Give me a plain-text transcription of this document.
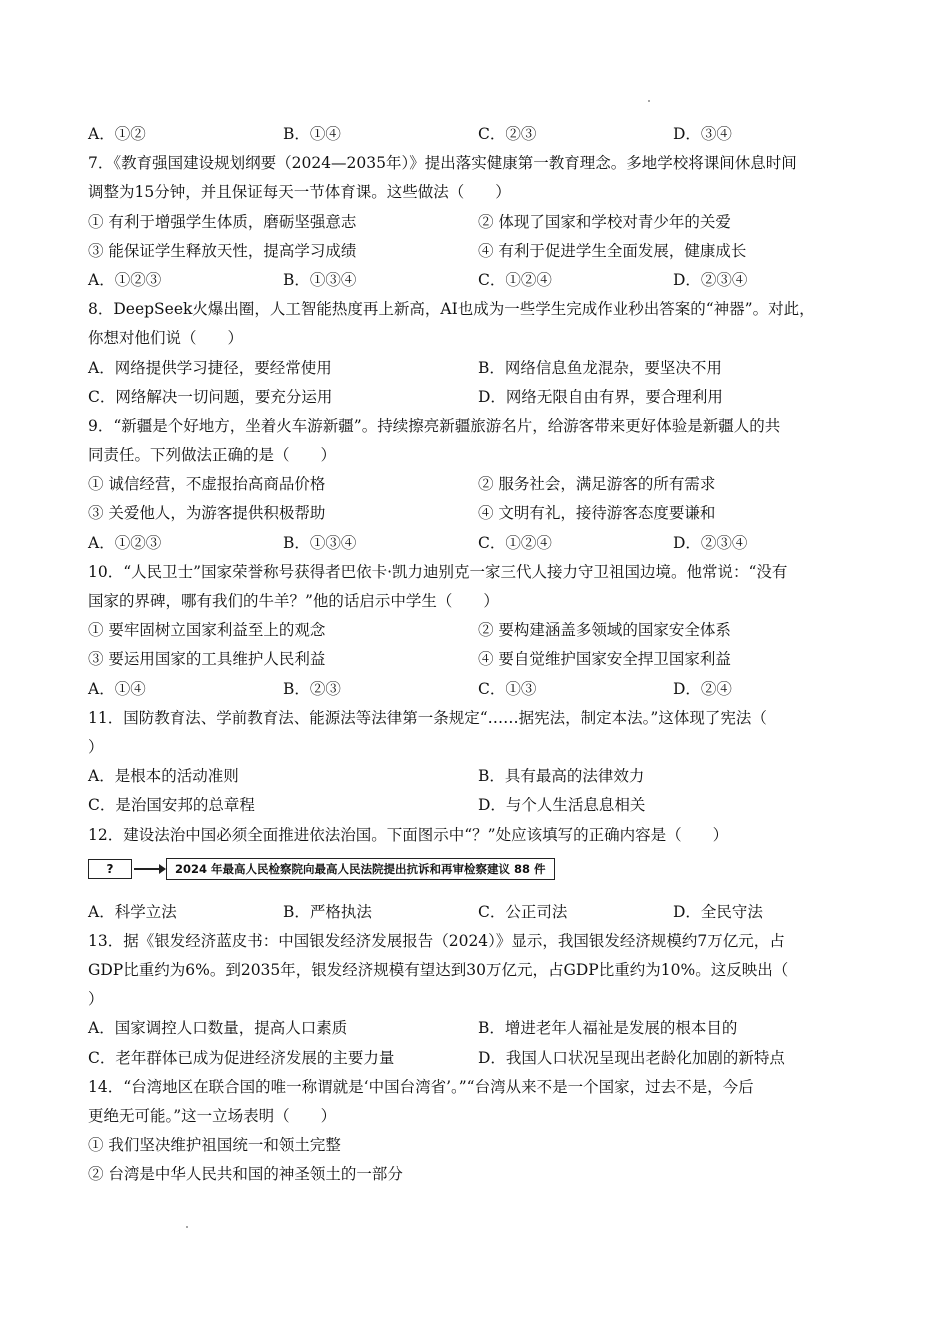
A．①②	B．①④	C．②③	D．③④
7．《教育强国建设规划纲要（2024—2035年）》提出落实健康第一教育理念。多地学校将课间休息时间
调整为15分钟，并且保证每天一节体育课。这些做法（　　）
① 有利于增强学生体质，磨砺坚强意志	② 体现了国家和学校对青少年的关爱
③ 能保证学生释放天性，提高学习成绩	④ 有利于促进学生全面发展，健康成长
A．①②③	B．①③④	C．①②④	D．②③④
8．DeepSeek火爆出圈，人工智能热度再上新高，AI也成为一些学生完成作业秒出答案的“神器”。对此，
你想对他们说（　　）
A．网络提供学习捷径，要经常使用	B．网络信息鱼龙混杂，要坚决不用
C．网络解决一切问题，要充分运用	D．网络无限自由有界，要合理利用
9．“新疆是个好地方，坐着火车游新疆”。持续擦亮新疆旅游名片，给游客带来更好体验是新疆人的共
同责任。下列做法正确的是（　　）
① 诚信经营，不虚报抬高商品价格	② 服务社会，满足游客的所有需求
③ 关爱他人，为游客提供积极帮助	④ 文明有礼，接待游客态度要谦和
A．①②③	B．①③④	C．①②④	D．②③④
10．“人民卫士”国家荣誉称号获得者巴依卡·凯力迪别克一家三代人接力守卫祖国边境。他常说：“没有
国家的界碑，哪有我们的牛羊？”他的话启示中学生（　　）
① 要牢固树立国家利益至上的观念	② 要构建涵盖多领域的国家安全体系
③ 要运用国家的工具维护人民利益	④ 要自觉维护国家安全捍卫国家利益
A．①④	B．②③	C．①③	D．②④
11．国防教育法、学前教育法、能源法等法律第一条规定“……据宪法，制定本法。”这体现了宪法（
）
A．是根本的活动准则	B．具有最高的法律效力
C．是治国安邦的总章程	D．与个人生活息息相关
12．建设法治中国必须全面推进依法治国。下面图示中“？”处应该填写的正确内容是（　　）
?	2024 年最高人民检察院向最高人民法院提出抗诉和再审检察建议 88 件
A．科学立法	B．严格执法	C．公正司法	D．全民守法
13．据《银发经济蓝皮书：中国银发经济发展报告（2024）》显示，我国银发经济规模约7万亿元，占
GDP比重约为6%。到2035年，银发经济规模有望达到30万亿元，占GDP比重约为10%。这反映出（
）
A．国家调控人口数量，提高人口素质	B．增进老年人福祉是发展的根本目的
C．老年群体已成为促进经济发展的主要力量	D．我国人口状况呈现出老龄化加剧的新特点
14．“台湾地区在联合国的唯一称谓就是‘中国台湾省’。”“台湾从来不是一个国家，过去不是，今后
更绝无可能。”这一立场表明（　　）
① 我们坚决维护祖国统一和领土完整
② 台湾是中华人民共和国的神圣领土的一部分
